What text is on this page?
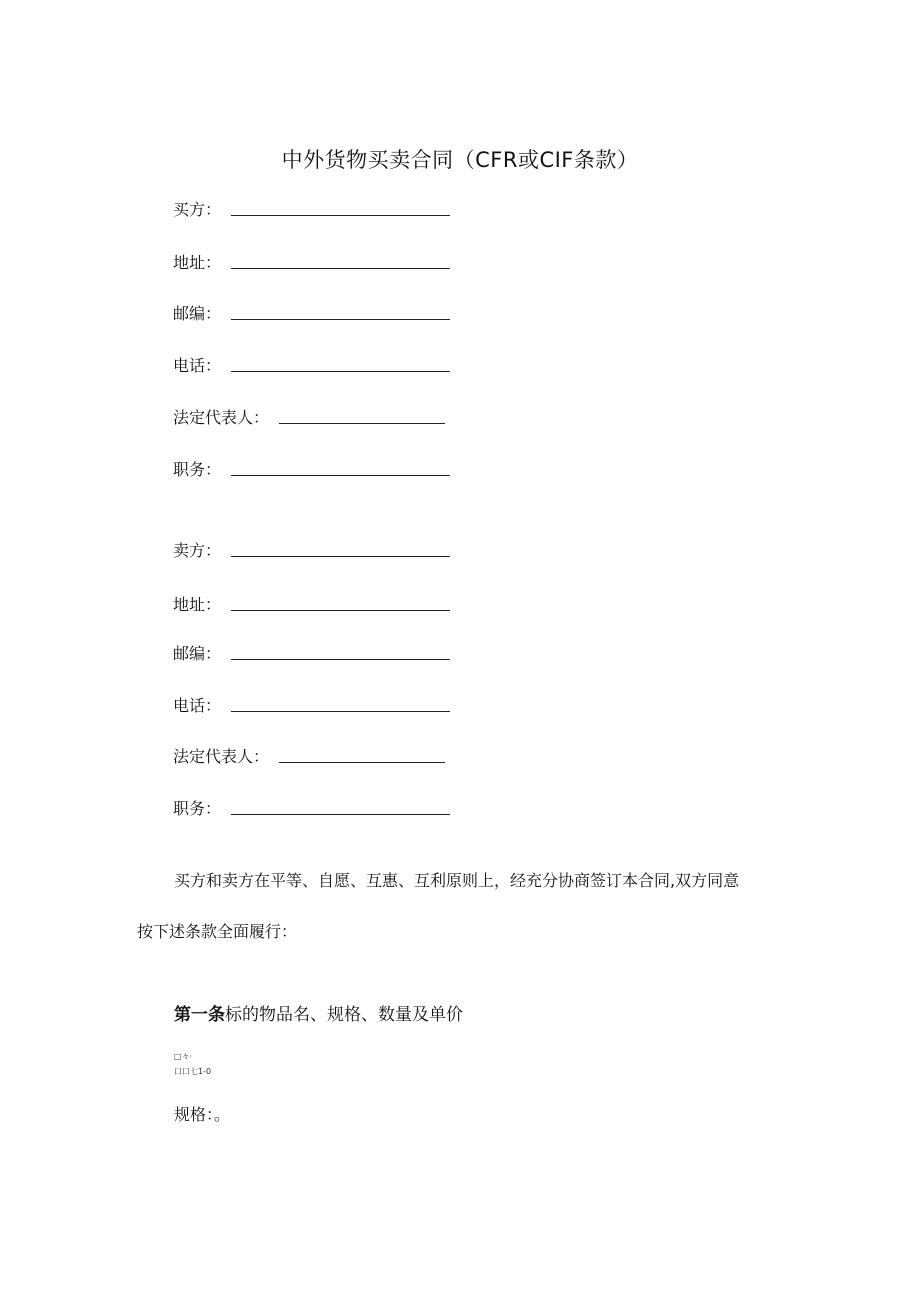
中外货物买卖合同（CFR或CIF条款）
买方：
地址：
邮编：
电话：
法定代表人：
职务：
卖方：
地址：
邮编：
电话：
法定代表人：
职务：
买方和卖方在平等、自愿、互惠、互利原则上，经充分协商签订本合同,双方同意
按下述条款全面履行：
第一条标的物品名、规格、数量及单价
□々·
口口七1-0
规格：。
